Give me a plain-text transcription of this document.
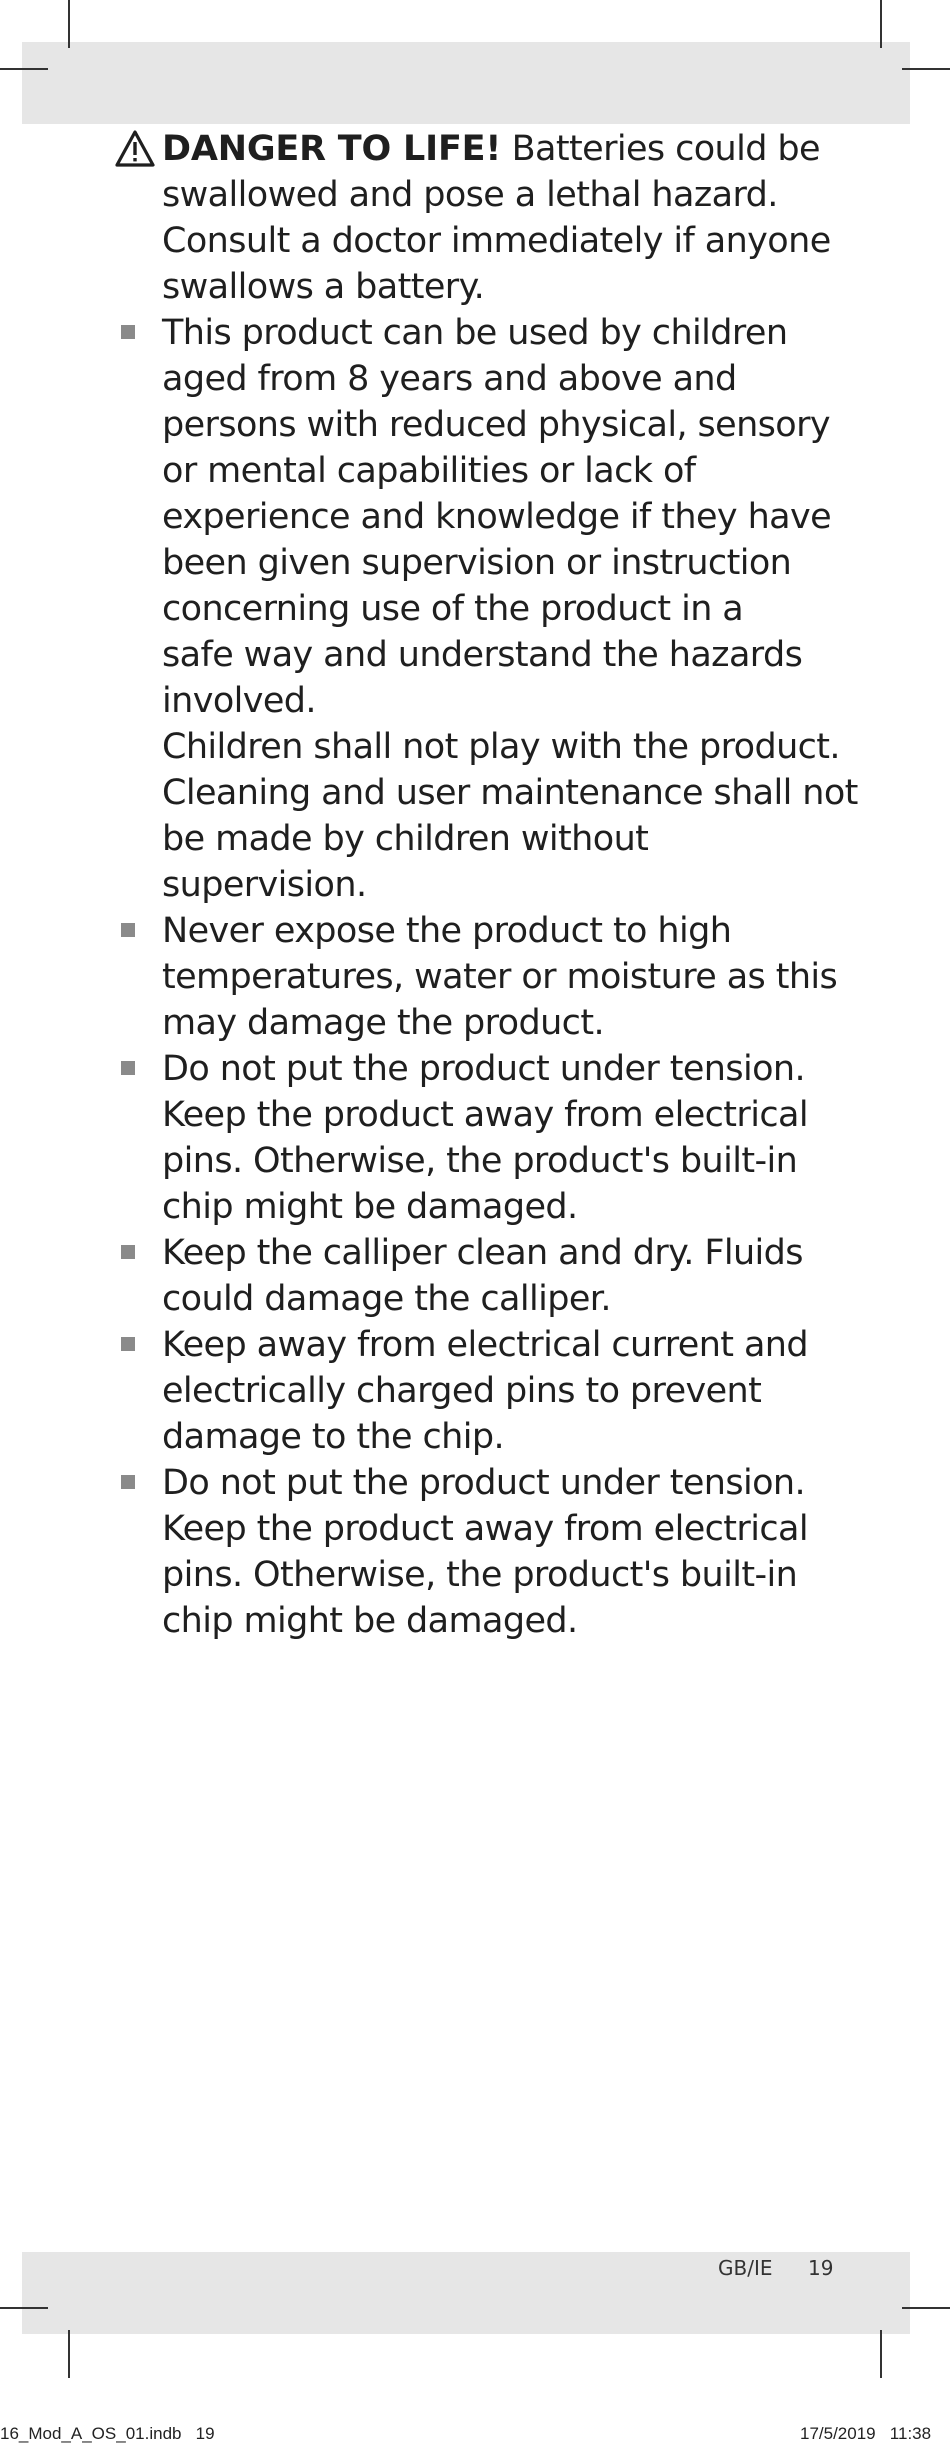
DANGER TO LIFE! Batteries could be
swallowed and pose a lethal hazard.
Consult a doctor immediately if anyone
swallows a battery.
This product can be used by children
aged from 8 years and above and
persons with reduced physical, sensory
or mental capabilities or lack of
experience and knowledge if they have
been given supervision or instruction
concerning use of the product in a
safe way and understand the hazards
involved.
Children shall not play with the product.
Cleaning and user maintenance shall not
be made by children without supervision.
Never expose the product to high
temperatures, water or moisture as this
may damage the product.
Do not put the product under tension.
Keep the product away from electrical
pins. Otherwise, the product's built-in
chip might be damaged.
Keep the calliper clean and dry. Fluids
could damage the calliper.
Keep away from electrical current and
electrically charged pins to prevent
damage to the chip.
Do not put the product under tension.
Keep the product away from electrical
pins. Otherwise, the product's built-in
chip might be damaged.
GB/IE 19
16_Mod_A_OS_01.indb   19	17/5/2019   11:38
